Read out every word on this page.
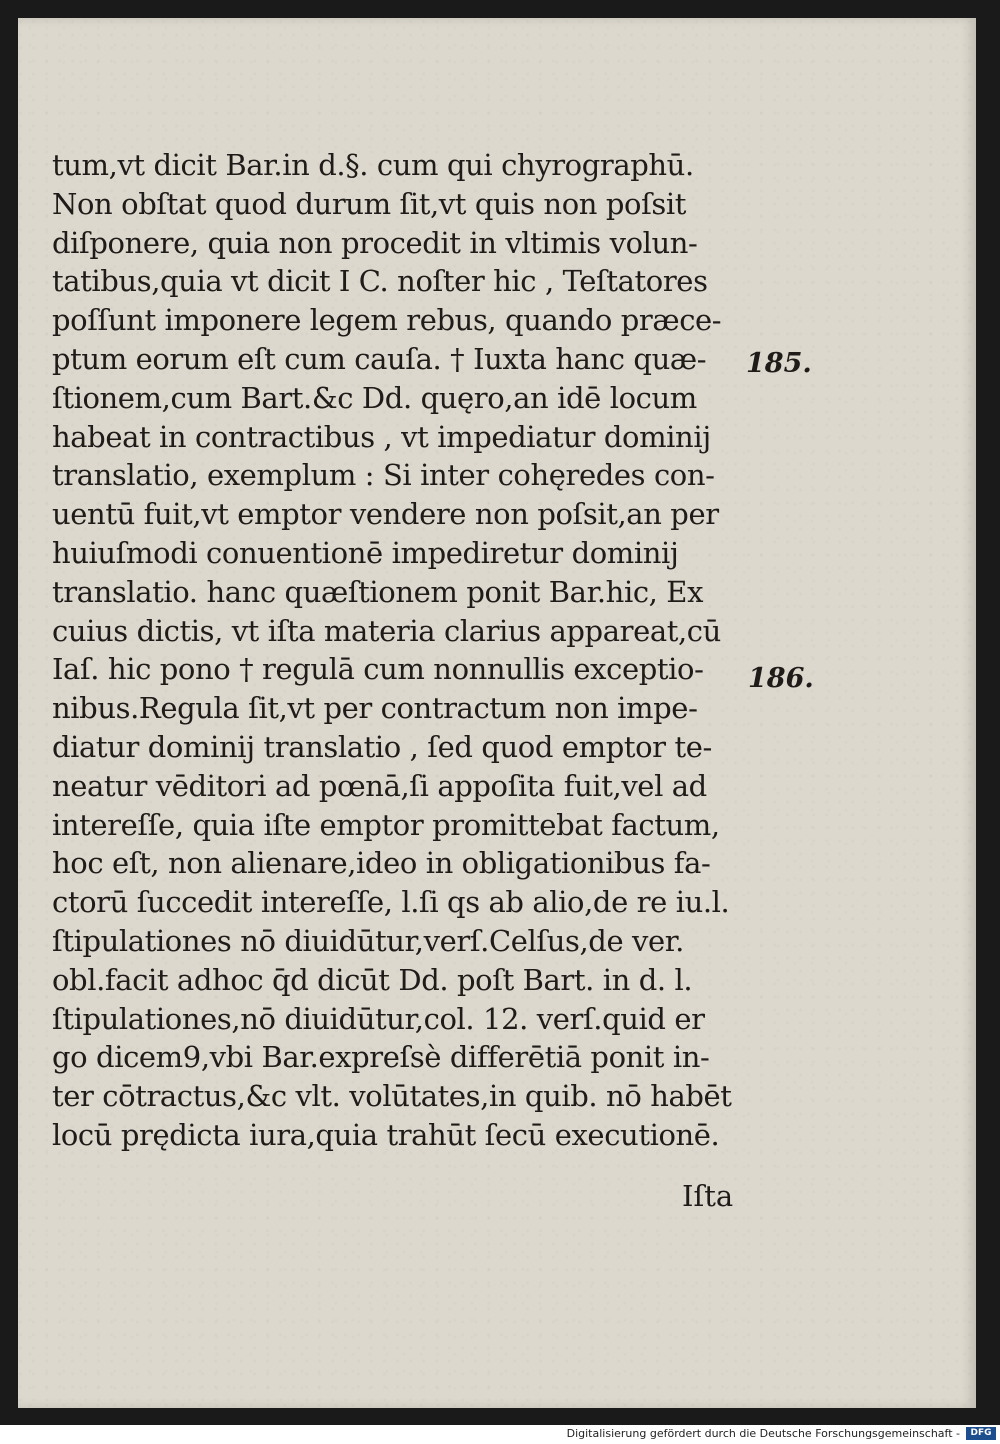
tum,vt dicit Bar.in d.§. cum qui chyrographū.
Non obſtat quod durum ſit,vt quis non poſsit
diſponere, quia non procedit in vltimis volun-
tatibus,quia vt dicit I C. noſter hic , Teſtatores
poſſunt imponere legem rebus, quando præce-
ptum eorum eſt cum cauſa. † Iuxta hanc quæ-
ſtionem,cum Bart.&c Dd. quęro,an idē locum
habeat in contractibus , vt impediatur dominij
translatio, exemplum : Si inter cohęredes con-
uentū fuit,vt emptor vendere non poſsit,an per
huiuſmodi conuentionē impediretur dominij
translatio. hanc quæſtionem ponit Bar.hic, Ex
cuius dictis, vt iſta materia clarius appareat,cū
Iaſ. hic pono † regulā cum nonnullis exceptio-
nibus.Regula ſit,vt per contractum non impe-
diatur dominij translatio , ſed quod emptor te-
neatur vēditori ad pœnā,ſi appoſita fuit,vel ad
intereſſe, quia iſte emptor promittebat factum,
hoc eſt, non alienare,ideo in obligationibus fa-
ctorū ſuccedit intereſſe, l.ſi qs ab alio,de re iu.l.
ſtipulationes nō diuidūtur,verſ.Celſus,de ver.
obl.facit adhoc q̄d dicūt Dd. poſt Bart. in d. l.
ſtipulationes,nō diuidūtur,col. 12. verſ.quid er
go dicem9,vbi Bar.expreſsè differētiā ponit in-
ter cōtractus,&c vlt. volūtates,in quib. nō habēt
locū prędicta iura,quia trahūt ſecū executionē.
Iſta
185.
186.
Digitalisierung gefördert durch die Deutsche Forschungsgemeinschaft -	DFG
